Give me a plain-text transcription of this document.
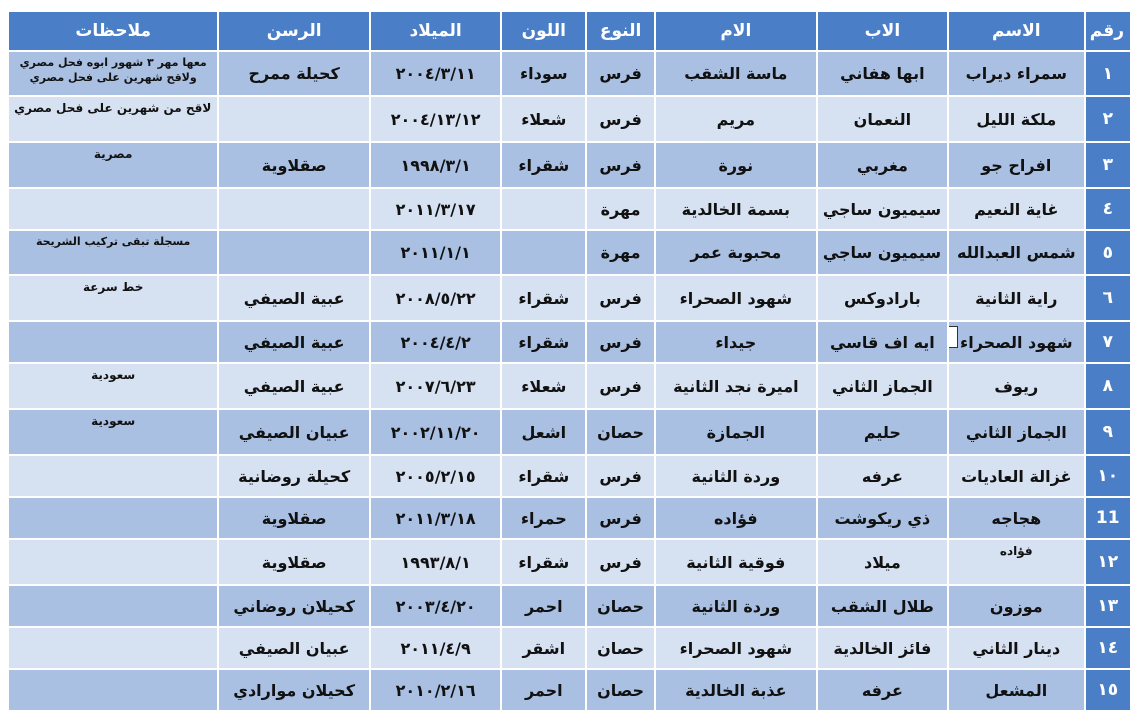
رقم	الاسم	الاب	الام	النوع	اللون	الميلاد	الرسن	ملاحظات
١	سمراء ديراب	ابها هفاني	ماسة الشقب	فرس	سوداء	٢٠٠٤/٣/١١	كحيلة ممرح	معها مهر ٣ شهور ابوه فحل مصري ولاقح شهرين على فحل مصري
٢	ملكة الليل	النعمان	مريم	فرس	شعلاء	٢٠٠٤/١٣/١٢		لاقح من شهرين على فحل مصري
٣	افراح جو	مغربي	نورة	فرس	شقراء	١٩٩٨/٣/١	صقلاوية	مصرية
٤	غاية النعيم	سيميون ساجي	بسمة الخالدية	مهرة		٢٠١١/٣/١٧		
٥	شمس العبدالله	سيميون ساجي	محبوبة عمر	مهرة		٢٠١١/١/١		مسجلة تبقى تركيب الشريحة
٦	راية الثانية	بارادوكس	شهود الصحراء	فرس	شقراء	٢٠٠٨/٥/٢٢	عبية الصيفي	خط سرعة
٧	شهود الصحراء	ايه اف قاسي	جيداء	فرس	شقراء	٢٠٠٤/٤/٢	عبية الصيفي	
٨	ريوف	الجماز الثاني	اميرة نجد الثانية	فرس	شعلاء	٢٠٠٧/٦/٢٣	عبية الصيفي	سعودية
٩	الجماز الثاني	حليم	الجمازة	حصان	اشعل	٢٠٠٢/١١/٢٠	عبيان الصيفي	سعودية
١٠	غزالة العاديات	عرفه	وردة الثانية	فرس	شقراء	٢٠٠٥/٢/١٥	كحيلة روضانية	
11	هجاجه	ذي ريكوشت	فؤاده	فرس	حمراء	٢٠١١/٣/١٨	صقلاوية	
١٢	فؤاده	ميلاد	فوقية الثانية	فرس	شقراء	١٩٩٣/٨/١	صقلاوية	
١٣	موزون	طلال الشقب	وردة الثانية	حصان	احمر	٢٠٠٣/٤/٢٠	كحيلان روضاني	
١٤	دينار الثاني	فائز الخالدية	شهود الصحراء	حصان	اشقر	٢٠١١/٤/٩	عبيان الصيفي	
١٥	المشعل	عرفه	عذبة الخالدية	حصان	احمر	٢٠١٠/٢/١٦	كحيلان موارادي	
